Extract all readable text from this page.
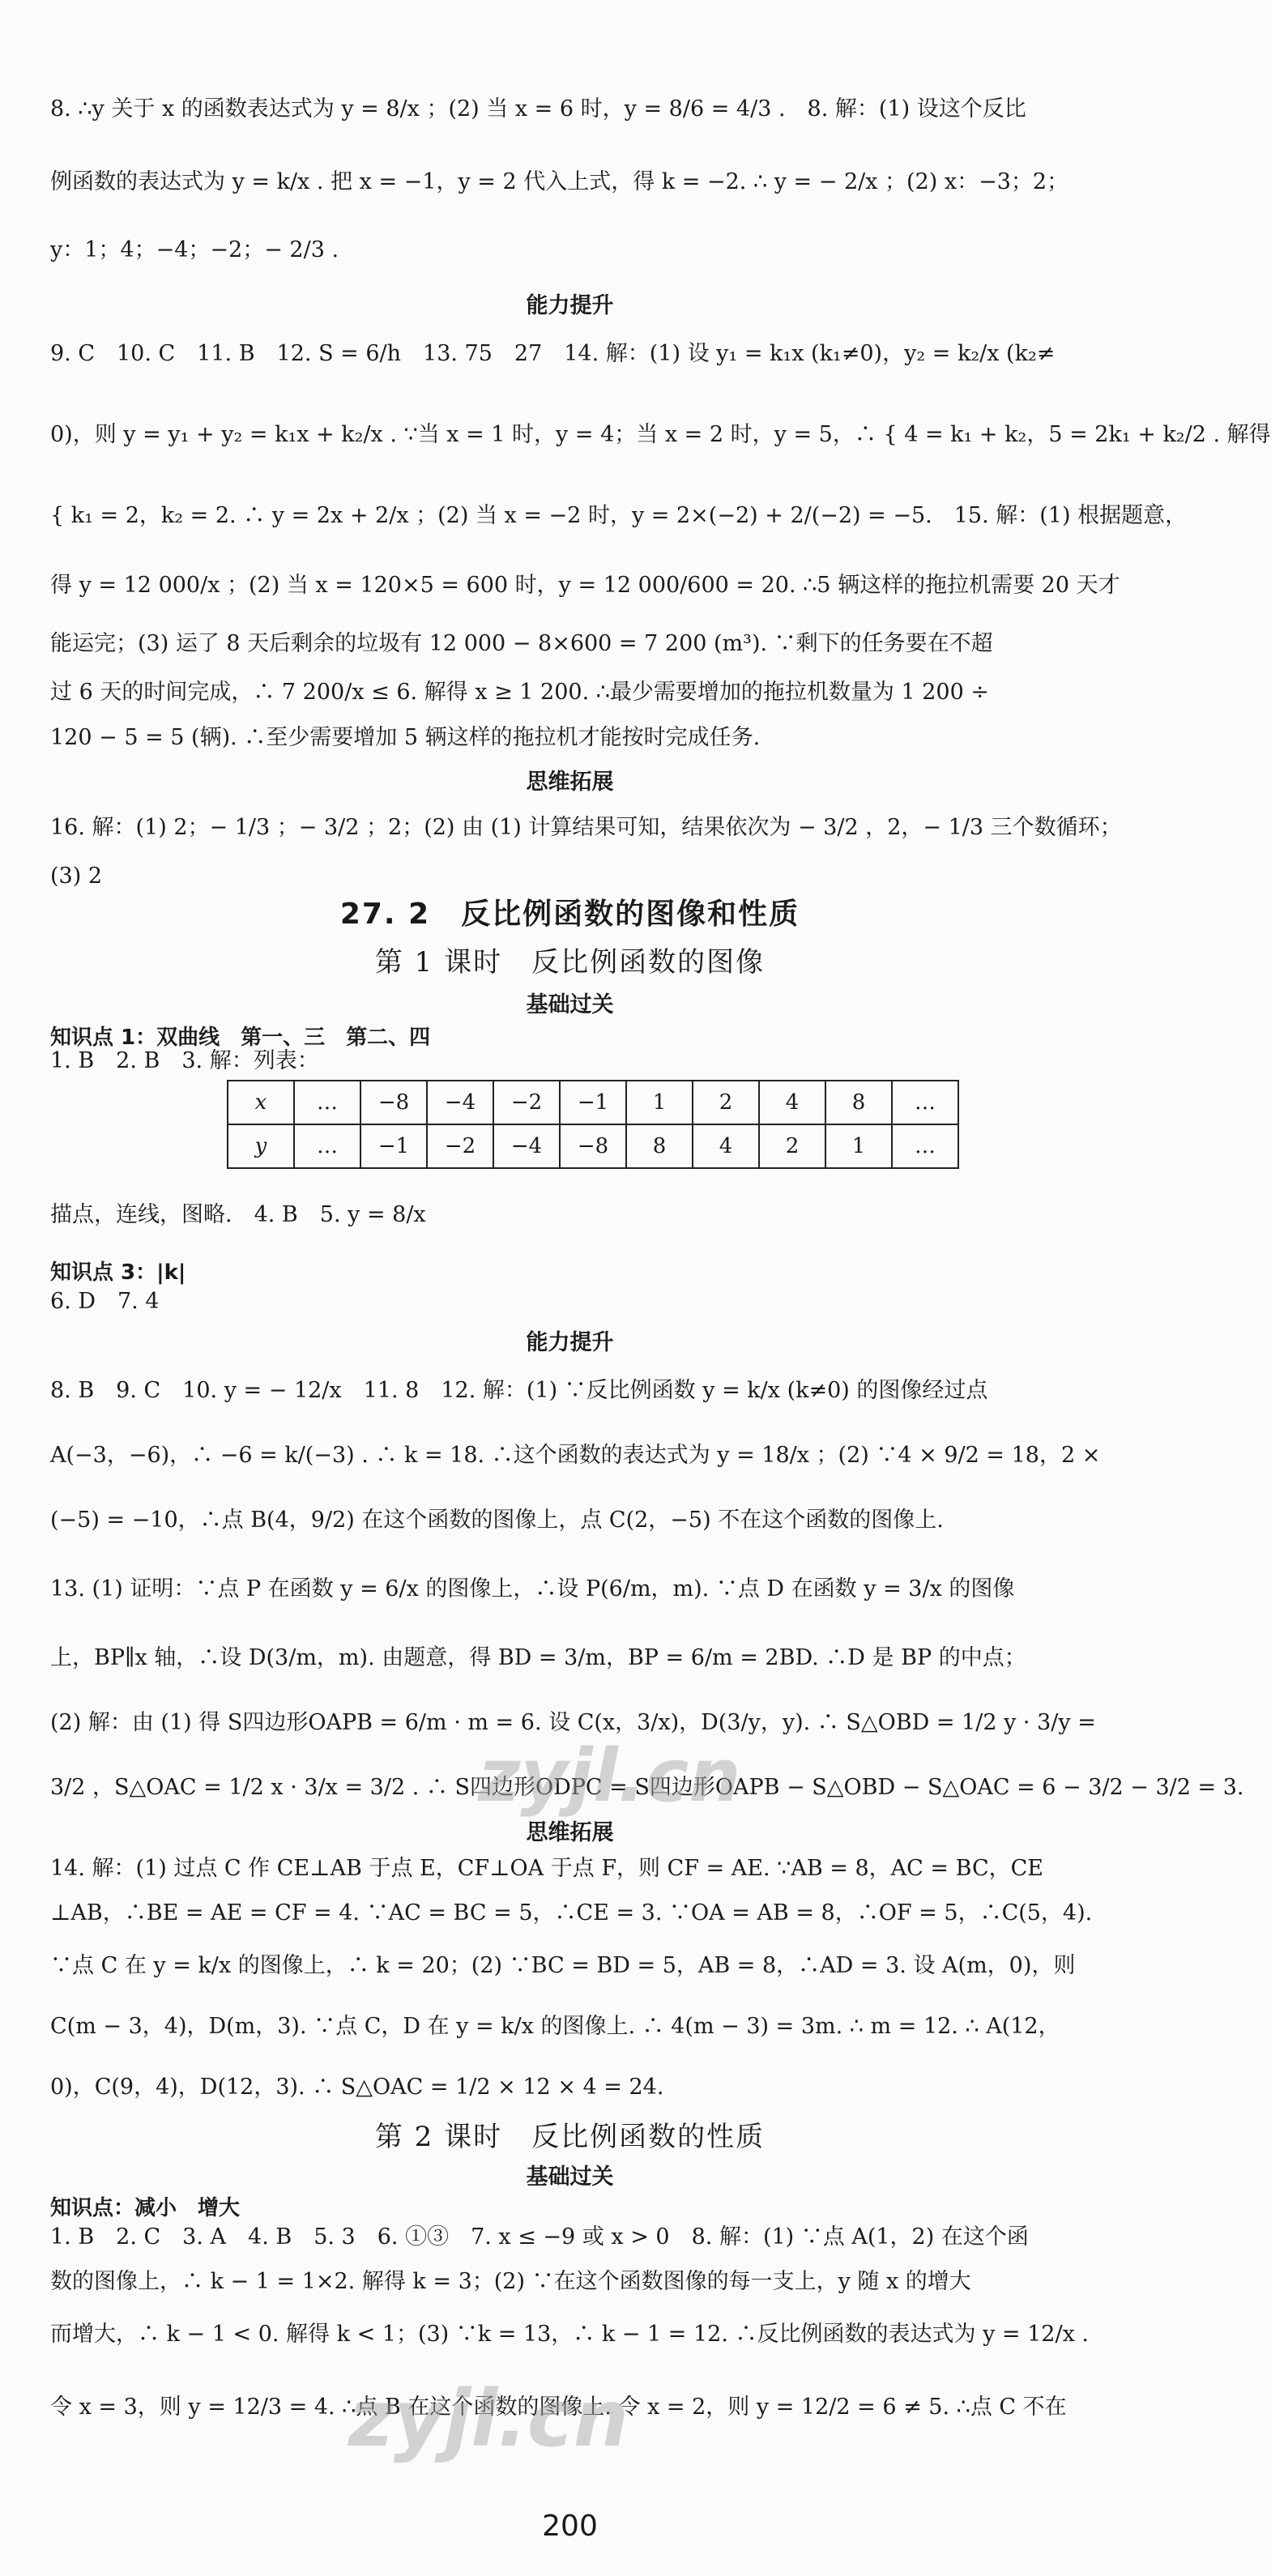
8. ∴y 关于 x 的函数表达式为 y = 8/x ；(2) 当 x = 6 时，y = 8/6 = 4/3 .　8. 解：(1) 设这个反比
例函数的表达式为 y = k/x . 把 x = −1，y = 2 代入上式，得 k = −2. ∴ y = − 2/x ；(2) x：−3；2；
y：1；4；−4；−2；− 2/3 .
能力提升
9. C　10. C　11. B　12. S = 6/h　13. 75　27　14. 解：(1) 设 y₁ = k₁x (k₁≠0)，y₂ = k₂/x (k₂≠
0)，则 y = y₁ + y₂ = k₁x + k₂/x . ∵当 x = 1 时，y = 4；当 x = 2 时，y = 5，∴ { 4 = k₁ + k₂，5 = 2k₁ + k₂/2 . 解得
{ k₁ = 2，k₂ = 2. ∴ y = 2x + 2/x ；(2) 当 x = −2 时，y = 2×(−2) + 2/(−2) = −5.　15. 解：(1) 根据题意，
得 y = 12 000/x ；(2) 当 x = 120×5 = 600 时，y = 12 000/600 = 20. ∴5 辆这样的拖拉机需要 20 天才
能运完；(3) 运了 8 天后剩余的垃圾有 12 000 − 8×600 = 7 200 (m³). ∵剩下的任务要在不超
过 6 天的时间完成，∴ 7 200/x ≤ 6. 解得 x ≥ 1 200. ∴最少需要增加的拖拉机数量为 1 200 ÷
120 − 5 = 5 (辆). ∴至少需要增加 5 辆这样的拖拉机才能按时完成任务.
思维拓展
16. 解：(1) 2；− 1/3 ；− 3/2 ；2；(2) 由 (1) 计算结果可知，结果依次为 − 3/2 ，2，− 1/3 三个数循环；
(3) 2
27. 2　反比例函数的图像和性质
第 1 课时　反比例函数的图像
基础过关
知识点 1：双曲线　第一、三　第二、四
1. B　2. B　3. 解：列表：
x	…	−8	−4	−2	−1	1	2	4	8	…
y	…	−1	−2	−4	−8	8	4	2	1	…
描点，连线，图略.　4. B　5. y = 8/x
知识点 3：|k|
6. D　7. 4
能力提升
8. B　9. C　10. y = − 12/x　11. 8　12. 解：(1) ∵反比例函数 y = k/x (k≠0) 的图像经过点
A(−3，−6)，∴ −6 = k/(−3) . ∴ k = 18. ∴这个函数的表达式为 y = 18/x ；(2) ∵4 × 9/2 = 18，2 ×
(−5) = −10，∴点 B(4，9/2) 在这个函数的图像上，点 C(2，−5) 不在这个函数的图像上.
13. (1) 证明：∵点 P 在函数 y = 6/x 的图像上，∴设 P(6/m，m). ∵点 D 在函数 y = 3/x 的图像
上，BP∥x 轴，∴设 D(3/m，m). 由题意，得 BD = 3/m，BP = 6/m = 2BD. ∴D 是 BP 的中点；
(2) 解：由 (1) 得 S四边形OAPB = 6/m · m = 6. 设 C(x，3/x)，D(3/y，y). ∴ S△OBD = 1/2 y · 3/y =
3/2 ，S△OAC = 1/2 x · 3/x = 3/2 . ∴ S四边形ODPC = S四边形OAPB − S△OBD − S△OAC = 6 − 3/2 − 3/2 = 3.
思维拓展
14. 解：(1) 过点 C 作 CE⊥AB 于点 E，CF⊥OA 于点 F，则 CF = AE. ∵AB = 8，AC = BC，CE
⊥AB，∴BE = AE = CF = 4. ∵AC = BC = 5，∴CE = 3. ∵OA = AB = 8，∴OF = 5，∴C(5，4).
∵点 C 在 y = k/x 的图像上，∴ k = 20；(2) ∵BC = BD = 5，AB = 8，∴AD = 3. 设 A(m，0)，则
C(m − 3，4)，D(m，3). ∵点 C，D 在 y = k/x 的图像上. ∴ 4(m − 3) = 3m. ∴ m = 12. ∴ A(12，
0)，C(9，4)，D(12，3). ∴ S△OAC = 1/2 × 12 × 4 = 24.
第 2 课时　反比例函数的性质
基础过关
知识点：减小　增大
1. B　2. C　3. A　4. B　5. 3　6. ①③　7. x ≤ −9 或 x > 0　8. 解：(1) ∵点 A(1，2) 在这个函
数的图像上，∴ k − 1 = 1×2. 解得 k = 3；(2) ∵在这个函数图像的每一支上，y 随 x 的增大
而增大，∴ k − 1 < 0. 解得 k < 1；(3) ∵k = 13，∴ k − 1 = 12. ∴反比例函数的表达式为 y = 12/x .
令 x = 3，则 y = 12/3 = 4. ∴点 B 在这个函数的图像上. 令 x = 2，则 y = 12/2 = 6 ≠ 5. ∴点 C 不在
200
zyjl.cn
zyjl.cn
